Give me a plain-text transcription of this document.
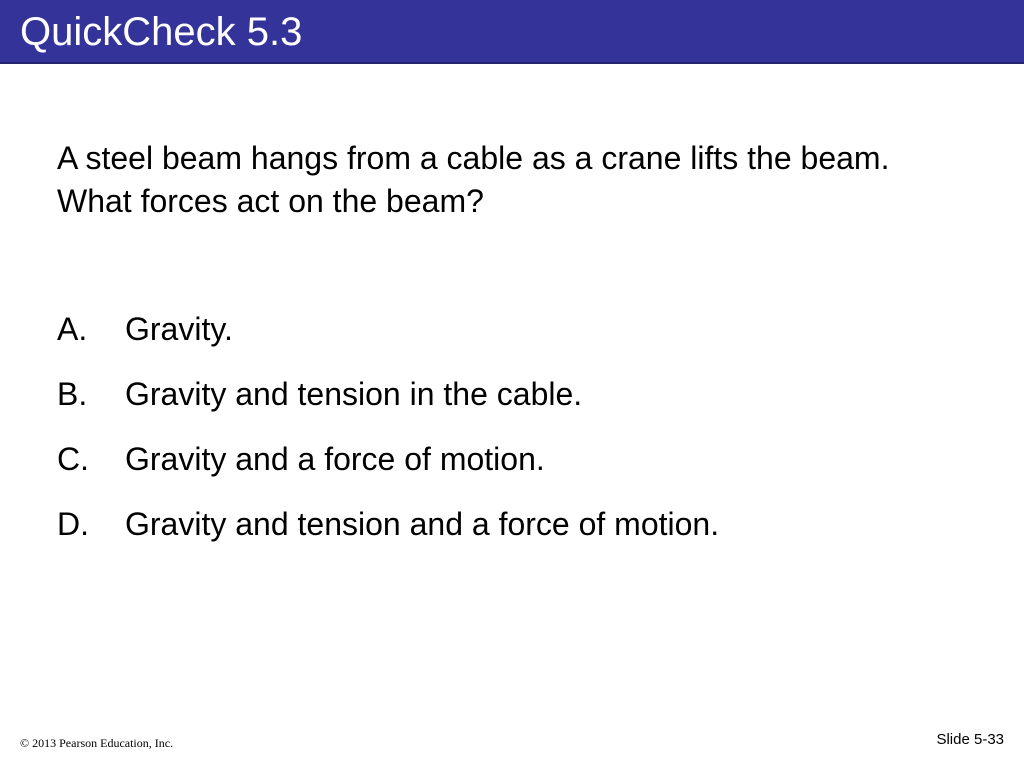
QuickCheck 5.3

A steel beam hangs from a cable as a crane lifts the beam. What forces act on the beam?

A.	Gravity.
B.	Gravity and tension in the cable.
C.	Gravity and a force of motion.
D.	Gravity and tension and a force of motion.
© 2013 Pearson Education, Inc.	Slide 5-33
